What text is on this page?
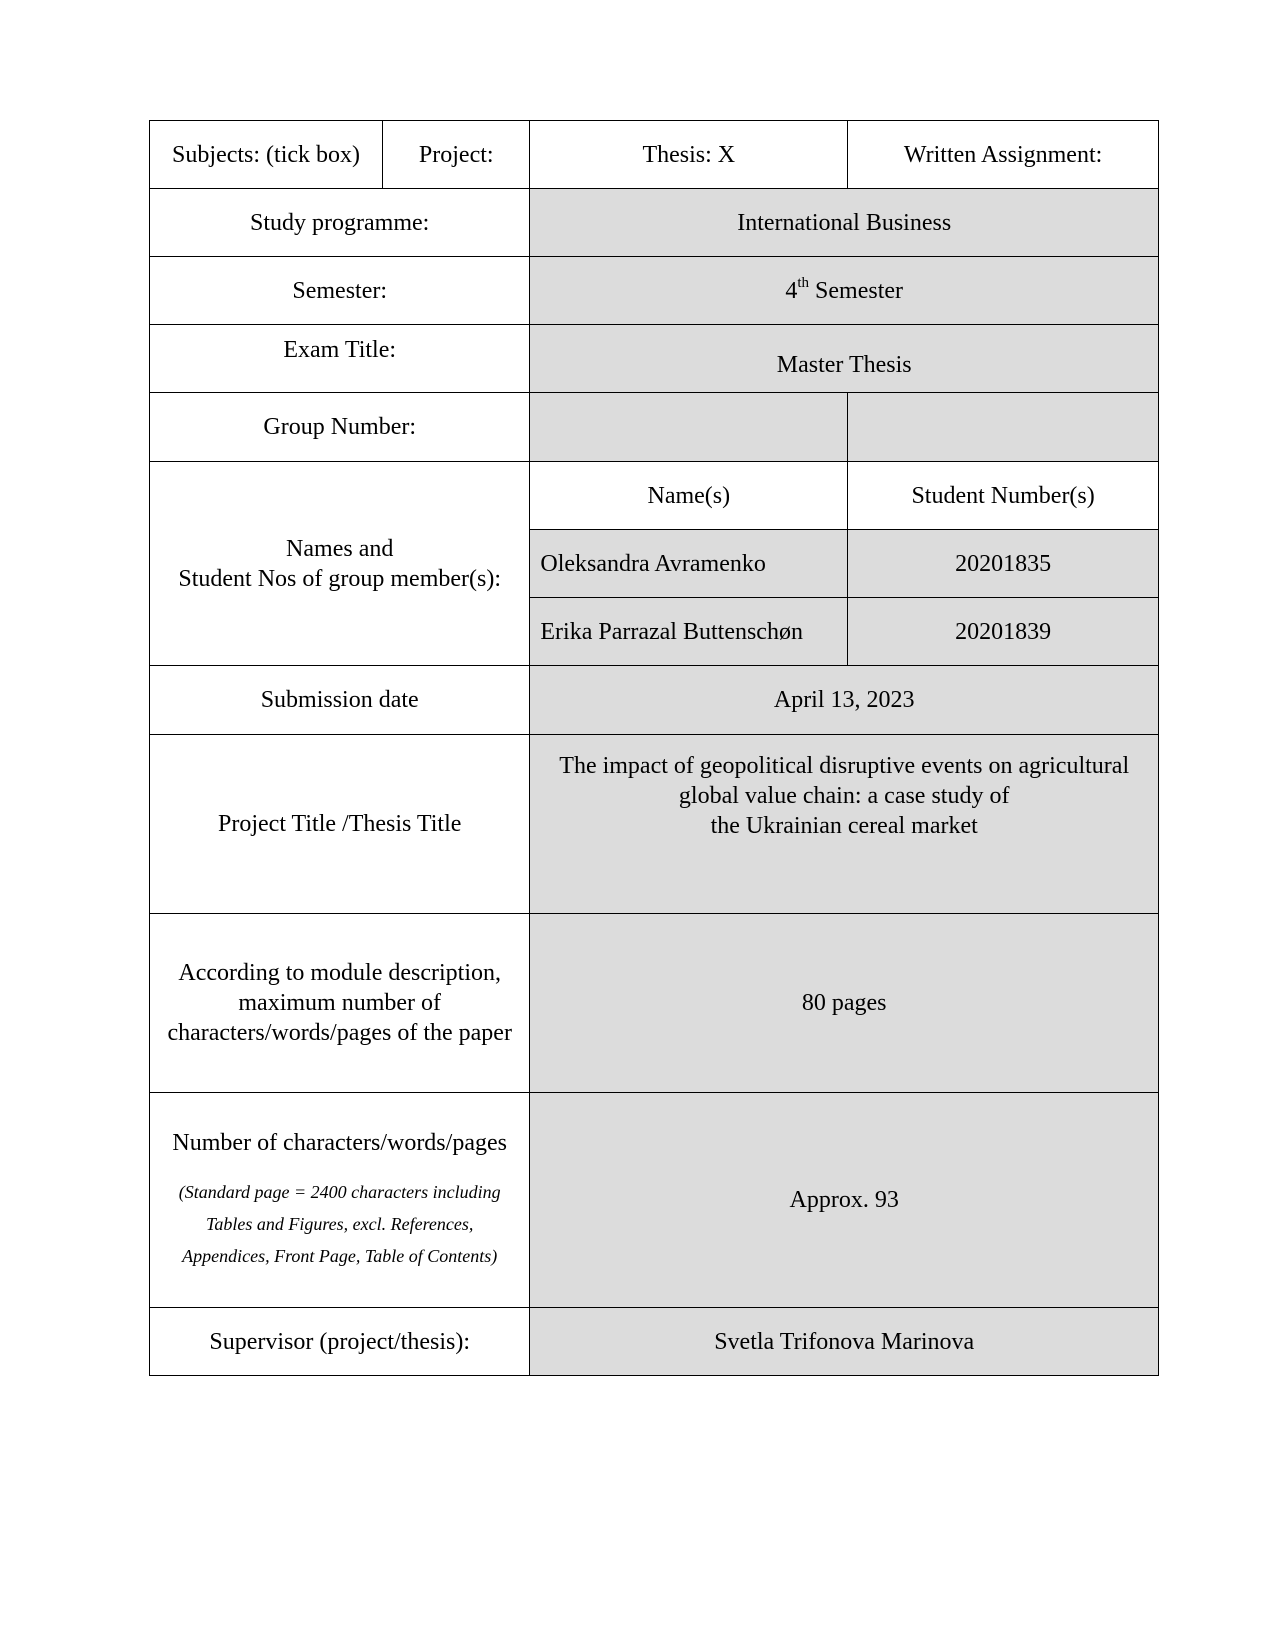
Subjects: (tick box)	Project:	Thesis: X	Written Assignment:
Study programme:		International Business	
Semester:		4th Semester	
Exam Title:		Master Thesis	
Group Number:			
Names and
Student Nos of group member(s):		Name(s)	Student Number(s)
		Oleksandra Avramenko	20201835
		Erika Parrazal Buttenschøn	20201839
Submission date		April 13, 2023	
Project Title /Thesis Title		The impact of geopolitical disruptive events on agricultural
global value chain: a case study of
the Ukrainian cereal market	
According to module description,
maximum number of
characters/words/pages of the paper		80 pages	
Number of characters/words/pages
(Standard page = 2400 characters including
Tables and Figures, excl. References,
Appendices, Front Page, Table of Contents)		Approx. 93	
Supervisor (project/thesis):		Svetla Trifonova Marinova	
